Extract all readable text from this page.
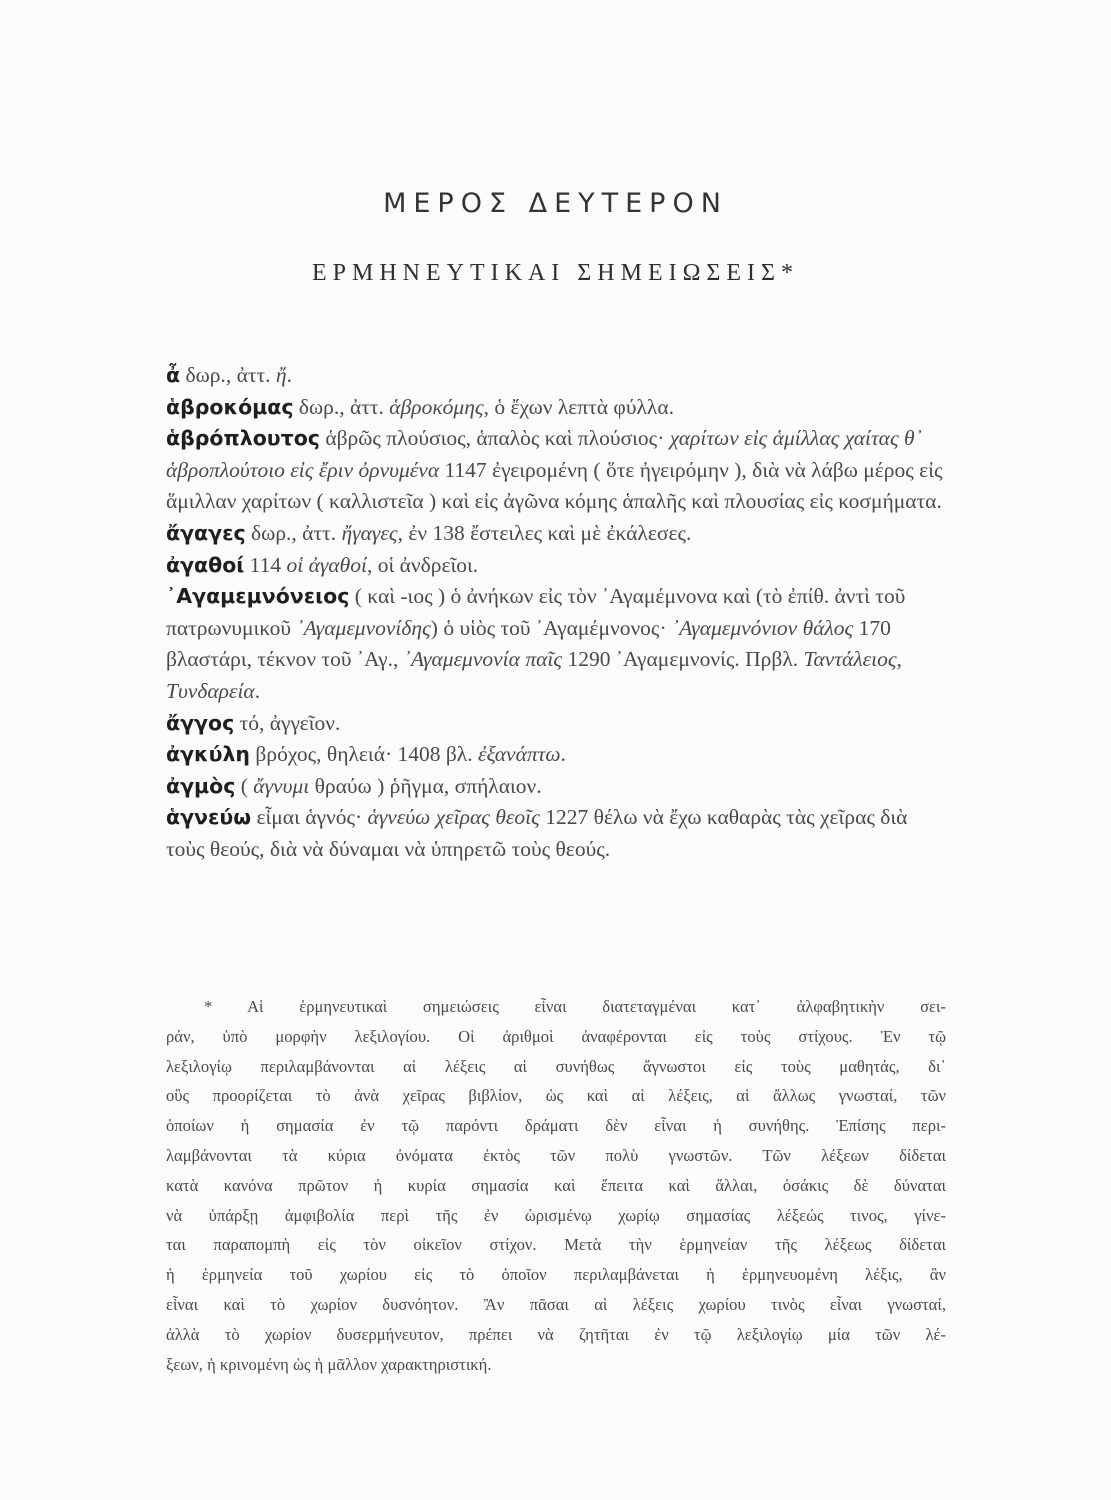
ΜΕΡΟΣ ΔΕΥΤΕΡΟΝ
ΕΡΜΗΝΕΥΤΙΚΑΙ ΣΗΜΕΙΩΣΕΙΣ*
ἆ δωρ., ἀττ. ἤ.
ἁβροκόμας δωρ., ἀττ. ἁβροκόμης, ὁ ἔχων λεπτὰ φύλλα.
ἁβρόπλουτος ἁβρῶς πλούσιος, ἁπαλὸς καὶ πλούσιος· χαρίτων εἰς ἁμίλλας χαίτας θ᾽ ἁβροπλούτοιο εἰς ἔριν ὀρνυμένα 1147 ἐγειρομένη ( ὅτε ἠγειρόμην ), διὰ νὰ λάβω μέρος εἰς ἅμιλλαν χαρίτων ( καλλιστεῖα ) καὶ εἰς ἀγῶνα κόμης ἁπαλῆς καὶ πλουσίας εἰς κοσμήματα.
ἄγαγες δωρ., ἀττ. ἤγαγες, ἐν 138 ἔστειλες καὶ μὲ ἐκάλεσες.
ἀγαθοί 114 οἱ ἀγαθοί, οἱ ἀνδρεῖοι.
᾿Αγαμεμνόνειος ( καὶ -ιος ) ὁ ἀνήκων εἰς τὸν ᾿Αγαμέμνονα καὶ (τὸ ἐπίθ. ἀντὶ τοῦ πατρωνυμικοῦ ᾿Αγαμεμνονίδης) ὁ υἱὸς τοῦ ᾿Αγαμέμνονος· ᾿Αγαμεμνόνιον θάλος 170 βλαστάρι, τέκνον τοῦ ᾿Αγ., ᾿Αγαμεμνονία παῖς 1290 ᾿Αγαμεμνονίς. Πρβλ. Ταντάλειος, Τυνδαρεία.
ἄγγος τό, ἀγγεῖον.
ἀγκύλη βρόχος, θηλειά· 1408 βλ. ἐξανάπτω.
ἀγμὸς ( ἄγνυμι θραύω ) ῥῆγμα, σπήλαιον.
ἁγνεύω εἶμαι ἁγνός· ἁγνεύω χεῖρας θεοῖς 1227 θέλω νὰ ἔχω καθαρὰς τὰς χεῖρας διὰ τοὺς θεούς, διὰ νὰ δύναμαι νὰ ὑπηρετῶ τοὺς θεούς.
* Αἱ ἑρμηνευτικαὶ σημειώσεις εἶναι διατεταγμέναι κατ᾽ ἀλφαβητικὴν σει-
ράν, ὑπὸ μορφὴν λεξιλογίου. Οἱ ἀριθμοὶ ἀναφέρονται εἰς τοὺς στίχους. Ἐν τῷ
λεξιλογίῳ περιλαμβάνονται αἱ λέξεις αἱ συνήθως ἄγνωστοι εἰς τοὺς μαθητάς, δι᾽
οὓς προορίζεται τὸ ἀνὰ χεῖρας βιβλίον, ὡς καὶ αἱ λέξεις, αἱ ἄλλως γνωσταί, τῶν
ὁποίων ἡ σημασία ἐν τῷ παρόντι δράματι δὲν εἶναι ἡ συνήθης. Ἐπίσης περι-
λαμβάνονται τὰ κύρια ὀνόματα ἐκτὸς τῶν πολὺ γνωστῶν. Τῶν λέξεων δίδεται
κατὰ κανόνα πρῶτον ἡ κυρία σημασία καὶ ἔπειτα καὶ ἄλλαι, ὁσάκις δὲ δύναται
νὰ ὑπάρξῃ ἀμφιβολία περὶ τῆς ἐν ὡρισμένῳ χωρίῳ σημασίας λέξεώς τινος, γίνε-
ται παραπομπὴ εἰς τὸν οἰκεῖον στίχον. Μετὰ τὴν ἑρμηνείαν τῆς λέξεως δίδεται
ἡ ἑρμηνεία τοῦ χωρίου εἰς τὸ ὁποῖον περιλαμβάνεται ἡ ἑρμηνευομένη λέξις, ἂν
εἶναι καὶ τὸ χωρίον δυσνόητον. Ἂν πᾶσαι αἱ λέξεις χωρίου τινὸς εἶναι γνωσταί,
ἀλλὰ τὸ χωρίον δυσερμήνευτον, πρέπει νὰ ζητῆται ἐν τῷ λεξιλογίῳ μία τῶν λέ-
ξεων, ἡ κρινομένη ὡς ἡ μᾶλλον χαρακτηριστική.
